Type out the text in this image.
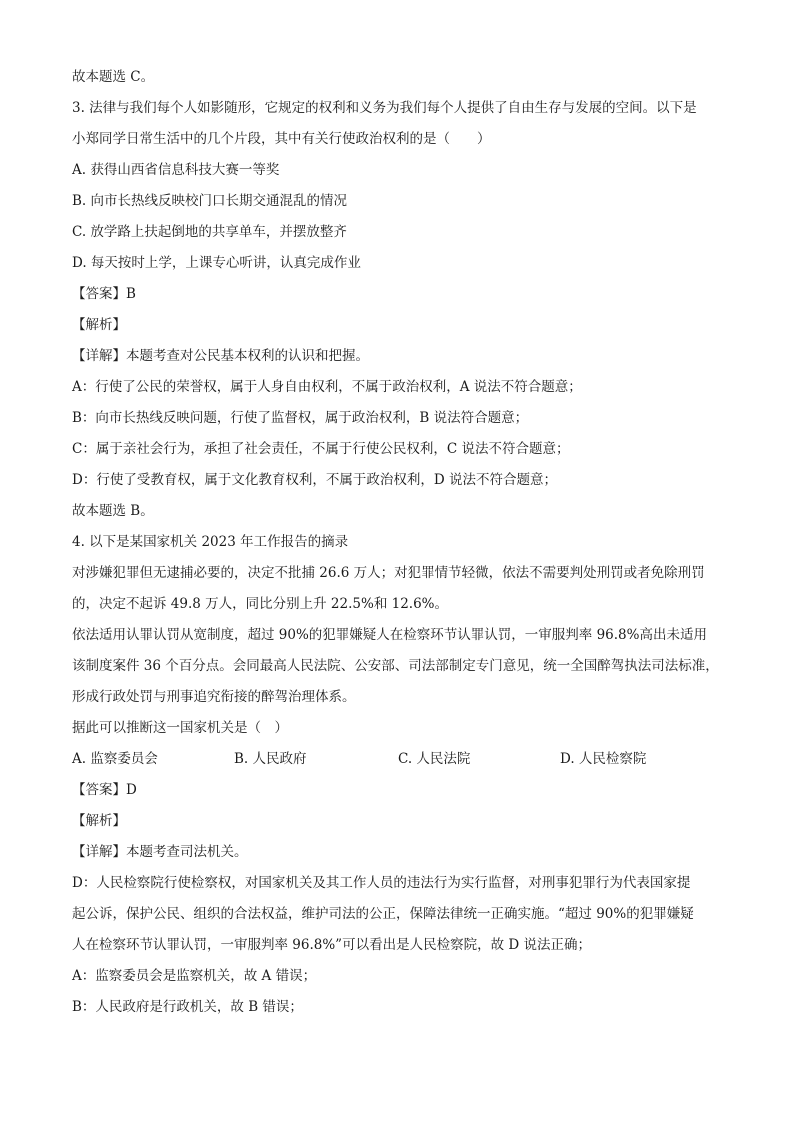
故本题选 C。
3. 法律与我们每个人如影随形，它规定的权利和义务为我们每个人提供了自由生存与发展的空间。以下是
小郑同学日常生活中的几个片段，其中有关行使政治权利的是（　　）
A. 获得山西省信息科技大赛一等奖
B. 向市长热线反映校门口长期交通混乱的情况
C. 放学路上扶起倒地的共享单车，并摆放整齐
D. 每天按时上学，上课专心听讲，认真完成作业
【答案】B
【解析】
【详解】本题考查对公民基本权利的认识和把握。
A：行使了公民的荣誉权，属于人身自由权利，不属于政治权利，A 说法不符合题意；
B：向市长热线反映问题，行使了监督权，属于政治权利，B 说法符合题意；
C：属于亲社会行为，承担了社会责任，不属于行使公民权利，C 说法不符合题意；
D：行使了受教育权，属于文化教育权利，不属于政治权利，D 说法不符合题意；
故本题选 B。
4. 以下是某国家机关 2023 年工作报告的摘录
对涉嫌犯罪但无逮捕必要的，决定不批捕 26.6 万人；对犯罪情节轻微，依法不需要判处刑罚或者免除刑罚
的，决定不起诉 49.8 万人，同比分别上升 22.5%和 12.6%。
依法适用认罪认罚从宽制度，超过 90%的犯罪嫌疑人在检察环节认罪认罚，一审服判率 96.8%高出未适用
该制度案件 36 个百分点。会同最高人民法院、公安部、司法部制定专门意见，统一全国醉驾执法司法标准，
形成行政处罚与刑事追究衔接的醉驾治理体系。
据此可以推断这一国家机关是（　）
A. 监察委员会	B. 人民政府	C. 人民法院	D. 人民检察院
【答案】D
【解析】
【详解】本题考查司法机关。
D：人民检察院行使检察权，对国家机关及其工作人员的违法行为实行监督，对刑事犯罪行为代表国家提
起公诉，保护公民、组织的合法权益，维护司法的公正，保障法律统一正确实施。“超过 90%的犯罪嫌疑
人在检察环节认罪认罚，一审服判率 96.8%”可以看出是人民检察院，故 D 说法正确；
A：监察委员会是监察机关，故 A 错误；
B：人民政府是行政机关，故 B 错误；
